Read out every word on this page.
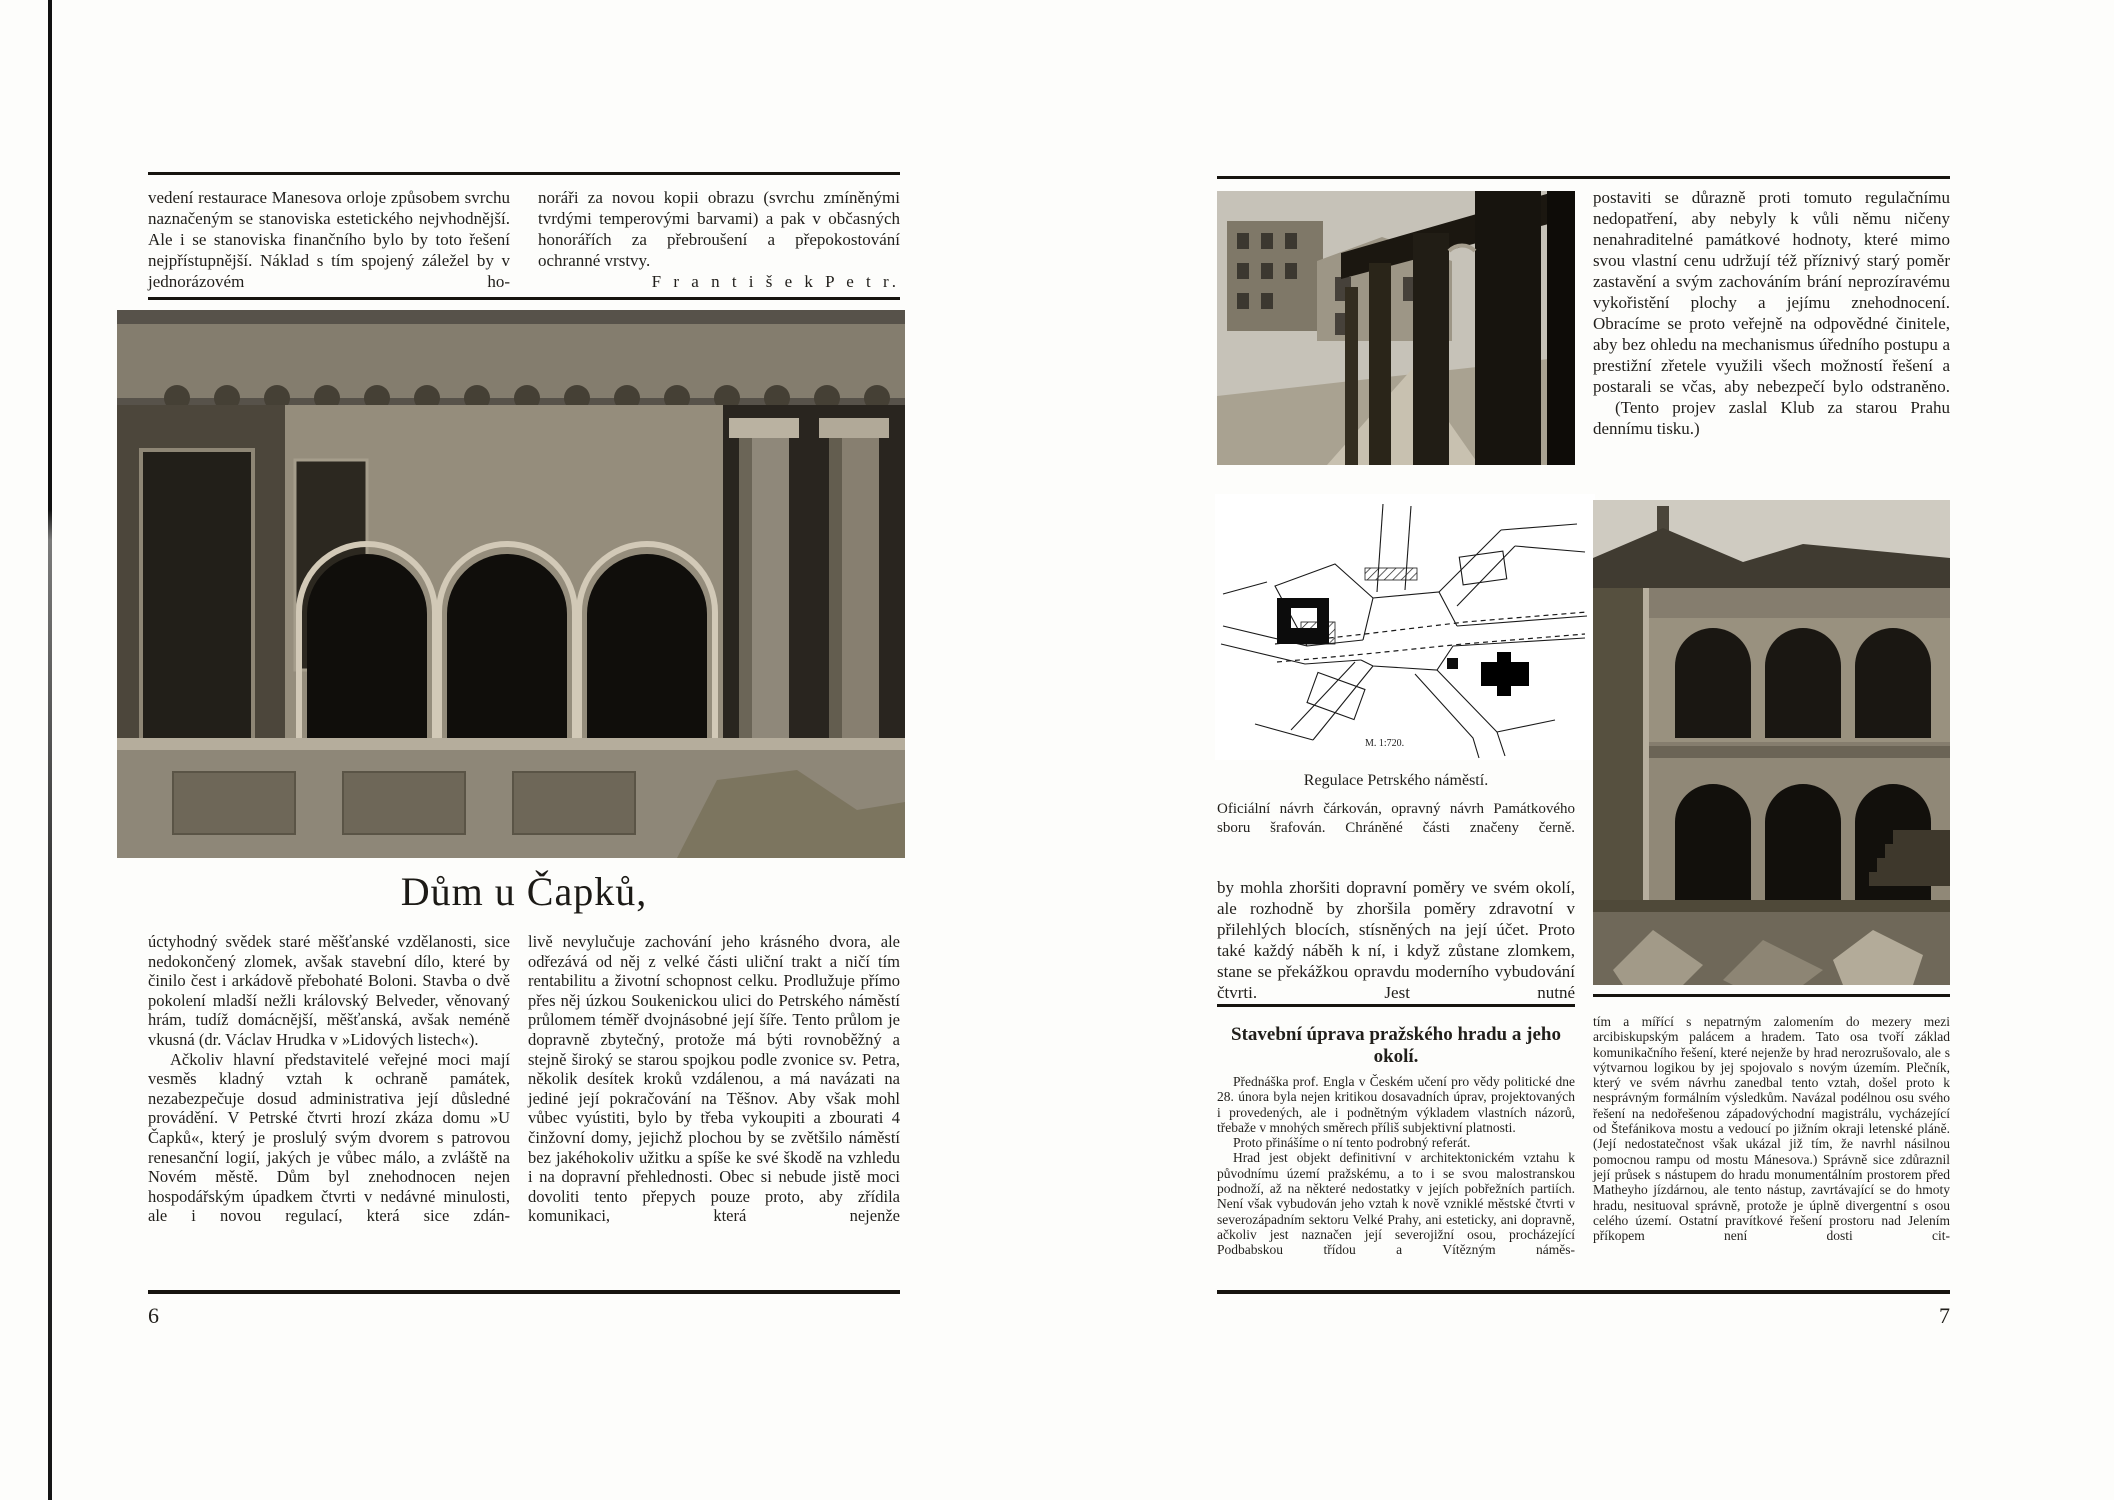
vedení restaurace Manesova orloje způsobem svrchu naznačeným se stanoviska estetického nejvhodnější. Ale i se stanoviska finančního bylo by toto řešení nejpřístupnější. Náklad s tím spojený záležel by v jednorázovém ho-

noráři za novou kopii obrazu (svrchu zmíněnými tvrdými temperovými barvami) a pak v občasných honorářích za přebroušení a přepokostování ochranné vrstvy.

F r a n t i š e k P e t r.

Dům u Čapků,

úctyhodný svědek staré měšťanské vzdělanosti, sice nedokončený zlomek, avšak stavební dílo, které by činilo čest i arkádově přebohaté Boloni. Stavba o dvě pokolení mladší nežli královský Belveder, věnovaný hrám, tudíž domácnější, měšťanská, avšak neméně vkusná (dr. Václav Hrudka v »Lidových listech«).

Ačkoliv hlavní představitelé veřejné moci mají vesměs kladný vztah k ochraně památek, nezabezpečuje dosud administrativa její důsledné provádění. V Petrské čtvrti hrozí zkáza domu »U Čapků«, který je proslulý svým dvorem s patrovou renesanční logií, jakých je vůbec málo, a zvláště na Novém městě. Dům byl znehodnocen nejen hospodářským úpadkem čtvrti v nedávné minulosti, ale i novou regulací, která sice zdán-

livě nevylučuje zachování jeho krásného dvora, ale odřezává od něj z velké části uliční trakt a ničí tím rentabilitu a životní schopnost celku. Prodlužuje přímo přes něj úzkou Soukenickou ulici do Petrského náměstí průlomem téměř dvojnásobné její šíře. Tento průlom je dopravně zbytečný, protože má býti rovnoběžný a stejně široký se starou spojkou podle zvonice sv. Petra, několik desítek kroků vzdálenou, a má navázati na jediné její pokračování na Těšnov. Aby však mohl vůbec vyústiti, bylo by třeba vykoupiti a zbourati 4 činžovní domy, jejichž plochou by se zvětšilo náměstí bez jakéhokoliv užitku a spíše ke své škodě na vzhledu i na dopravní přehlednosti. Obec si nebude jistě moci dovoliti tento přepych pouze proto, aby zřídila komunikaci, která nejenže

6

postaviti se důrazně proti tomuto regulačnímu nedopatření, aby nebyly k vůli němu ničeny nenahraditelné památkové hodnoty, které mimo svou vlastní cenu udržují též příznivý starý poměr zastavění a svým zachováním brání neprozíravému vykořistění plochy a jejímu znehodnocení. Obracíme se proto veřejně na odpovědné činitele, aby bez ohledu na mechanismus úředního postupu a prestižní zřetele využili všech možností řešení a postarali se včas, aby nebezpečí bylo odstraněno.

(Tento projev zaslal Klub za starou Prahu dennímu tisku.)

M. 1:720.
Regulace Petrského náměstí.
Oficiální návrh čárkován, opravný návrh Památkového sboru šrafován. Chráněné části značeny černě.

by mohla zhoršiti dopravní poměry ve svém okolí, ale rozhodně by zhoršila poměry zdravotní v přilehlých blocích, stísněných na její účet. Proto také každý náběh k ní, i když zůstane zlomkem, stane se překážkou opravdu moderního vybudování čtvrti. Jest nutné

Stavební úprava pražského hradu a jeho okolí.

Přednáška prof. Engla v Českém učení pro vědy politické dne 28. února byla nejen kritikou dosavadních úprav, projektovaných i provedených, ale i podnětným výkladem vlastních názorů, třebaže v mnohých směrech příliš subjektivní platnosti.

Proto přinášíme o ní tento podrobný referát.

Hrad jest objekt definitivní v architektonickém vztahu k původnímu území pražskému, a to i se svou malostranskou podnoží, až na některé nedostatky v jejích pobřežních partiích. Není však vybudován jeho vztah k nově vzniklé městské čtvrti v severozápadním sektoru Velké Prahy, ani esteticky, ani dopravně, ačkoliv jest naznačen její severojižní osou, procházející Podbabskou třídou a Vítězným náměs-

tím a mířící s nepatrným zalomením do mezery mezi arcibiskupským palácem a hradem. Tato osa tvoří základ komunikačního řešení, které nejenže by hrad nerozrušovalo, ale s výtvarnou logikou by jej spojovalo s novým územím. Plečník, který ve svém návrhu zanedbal tento vztah, došel proto k nesprávným formálním výsledkům. Navázal podélnou osu svého řešení na nedořešenou západovýchodní magistrálu, vycházející od Štefánikova mostu a vedoucí po jižním okraji letenské pláně. (Její nedostatečnost však ukázal již tím, že navrhl násilnou pomocnou rampu od mostu Mánesova.) Správně sice zdůraznil její průsek s nástupem do hradu monumentálním prostorem před Matheyho jízdárnou, ale tento nástup, zavrtávající se do hmoty hradu, nesituoval správně, protože je úplně divergentní s osou celého území. Ostatní pravítkové řešení prostoru nad Jelením příkopem není dosti cit-

7
